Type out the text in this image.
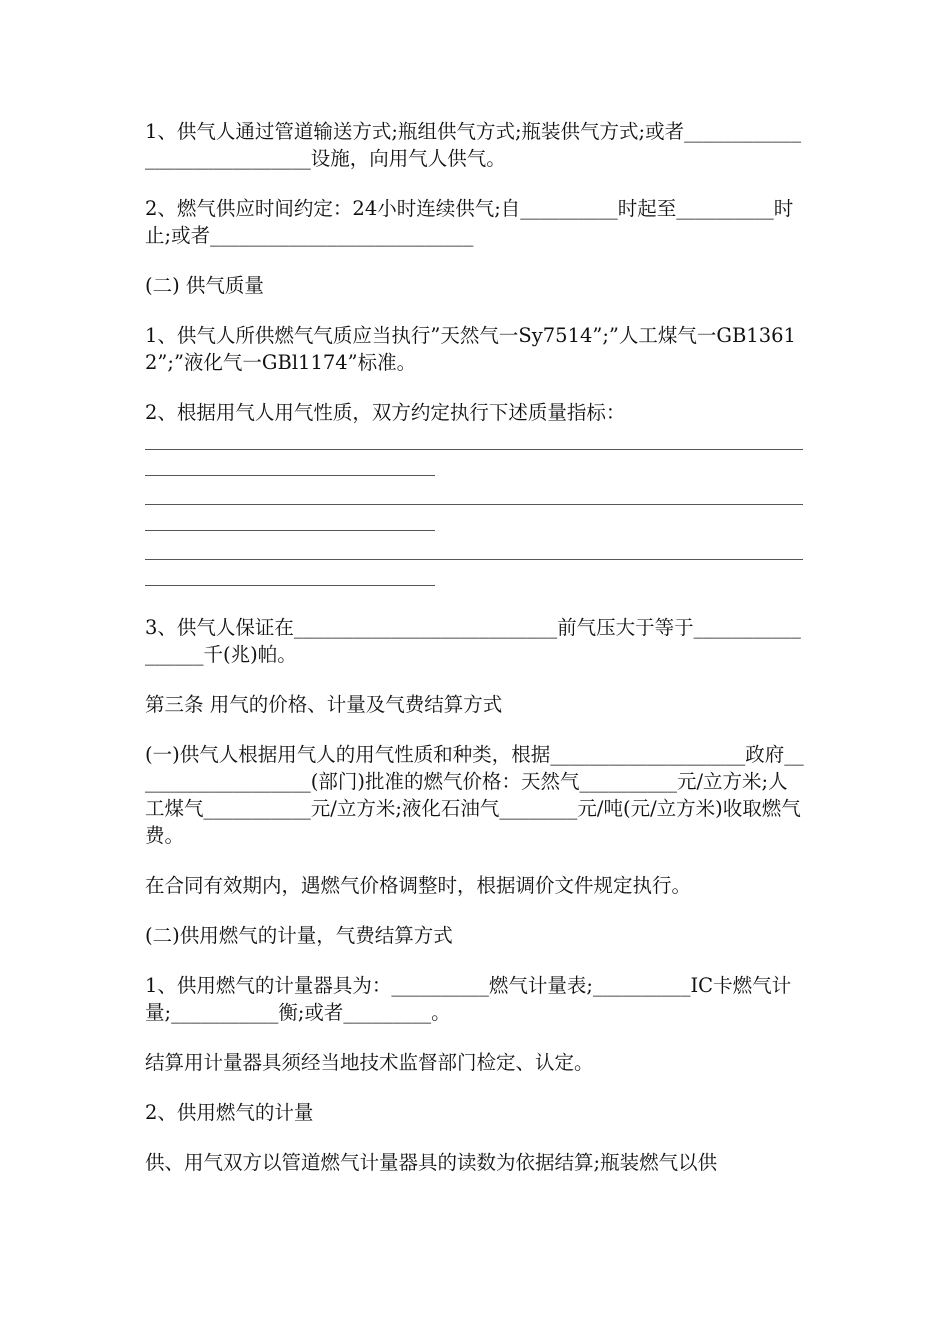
1、供气人通过管道输送方式;瓶组供气方式;瓶装供气方式;或者_____________________________设施，向用气人供气。

2、燃气供应时间约定：24小时连续供气;自__________时起至__________时止;或者___________________________

(二) 供气质量

1、供气人所供燃气气质应当执行”天然气一Sy7514”;”人工煤气一GB13612”;”液化气一GBl1174”标准。

2、根据用气人用气性质，双方约定执行下述质量指标：

3、供气人保证在___________________________前气压大于等于_________________千(兆)帕。

第三条 用气的价格、计量及气费结算方式

(一)供气人根据用气人的用气性质和种类，根据____________________政府___________________(部门)批准的燃气价格：天然气__________元/立方米;人工煤气___________元/立方米;液化石油气________元/吨(元/立方米)收取燃气费。

在合同有效期内，遇燃气价格调整时，根据调价文件规定执行。

(二)供用燃气的计量，气费结算方式

1、供用燃气的计量器具为：__________燃气计量表;__________IC卡燃气计量;___________衡;或者_________。

结算用计量器具须经当地技术监督部门检定、认定。

2、供用燃气的计量

供、用气双方以管道燃气计量器具的读数为依据结算;瓶装燃气以供
